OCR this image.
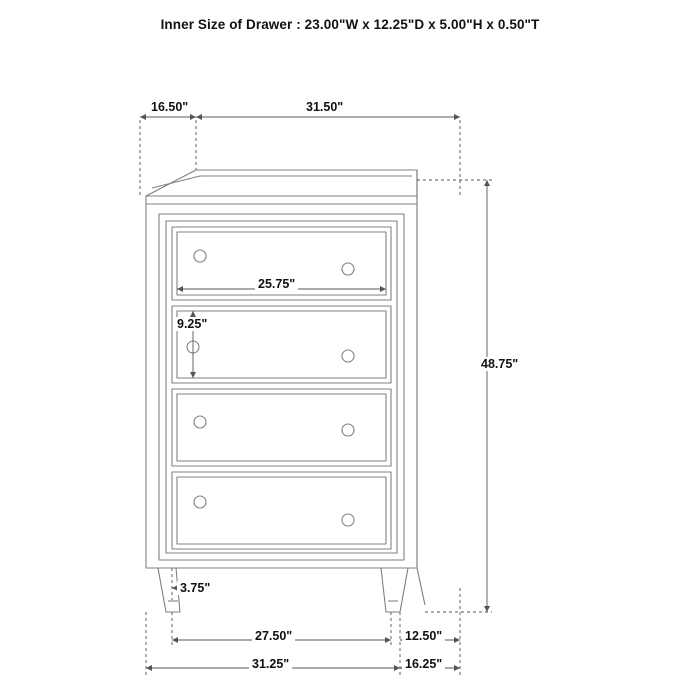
Inner Size of Drawer : 23.00"W x 12.25"D x 5.00"H x 0.50"T
16.50"	31.50"
48.75"
25.75"
9.25"
3.75"
27.50"
31.25"
12.50"
16.25"
